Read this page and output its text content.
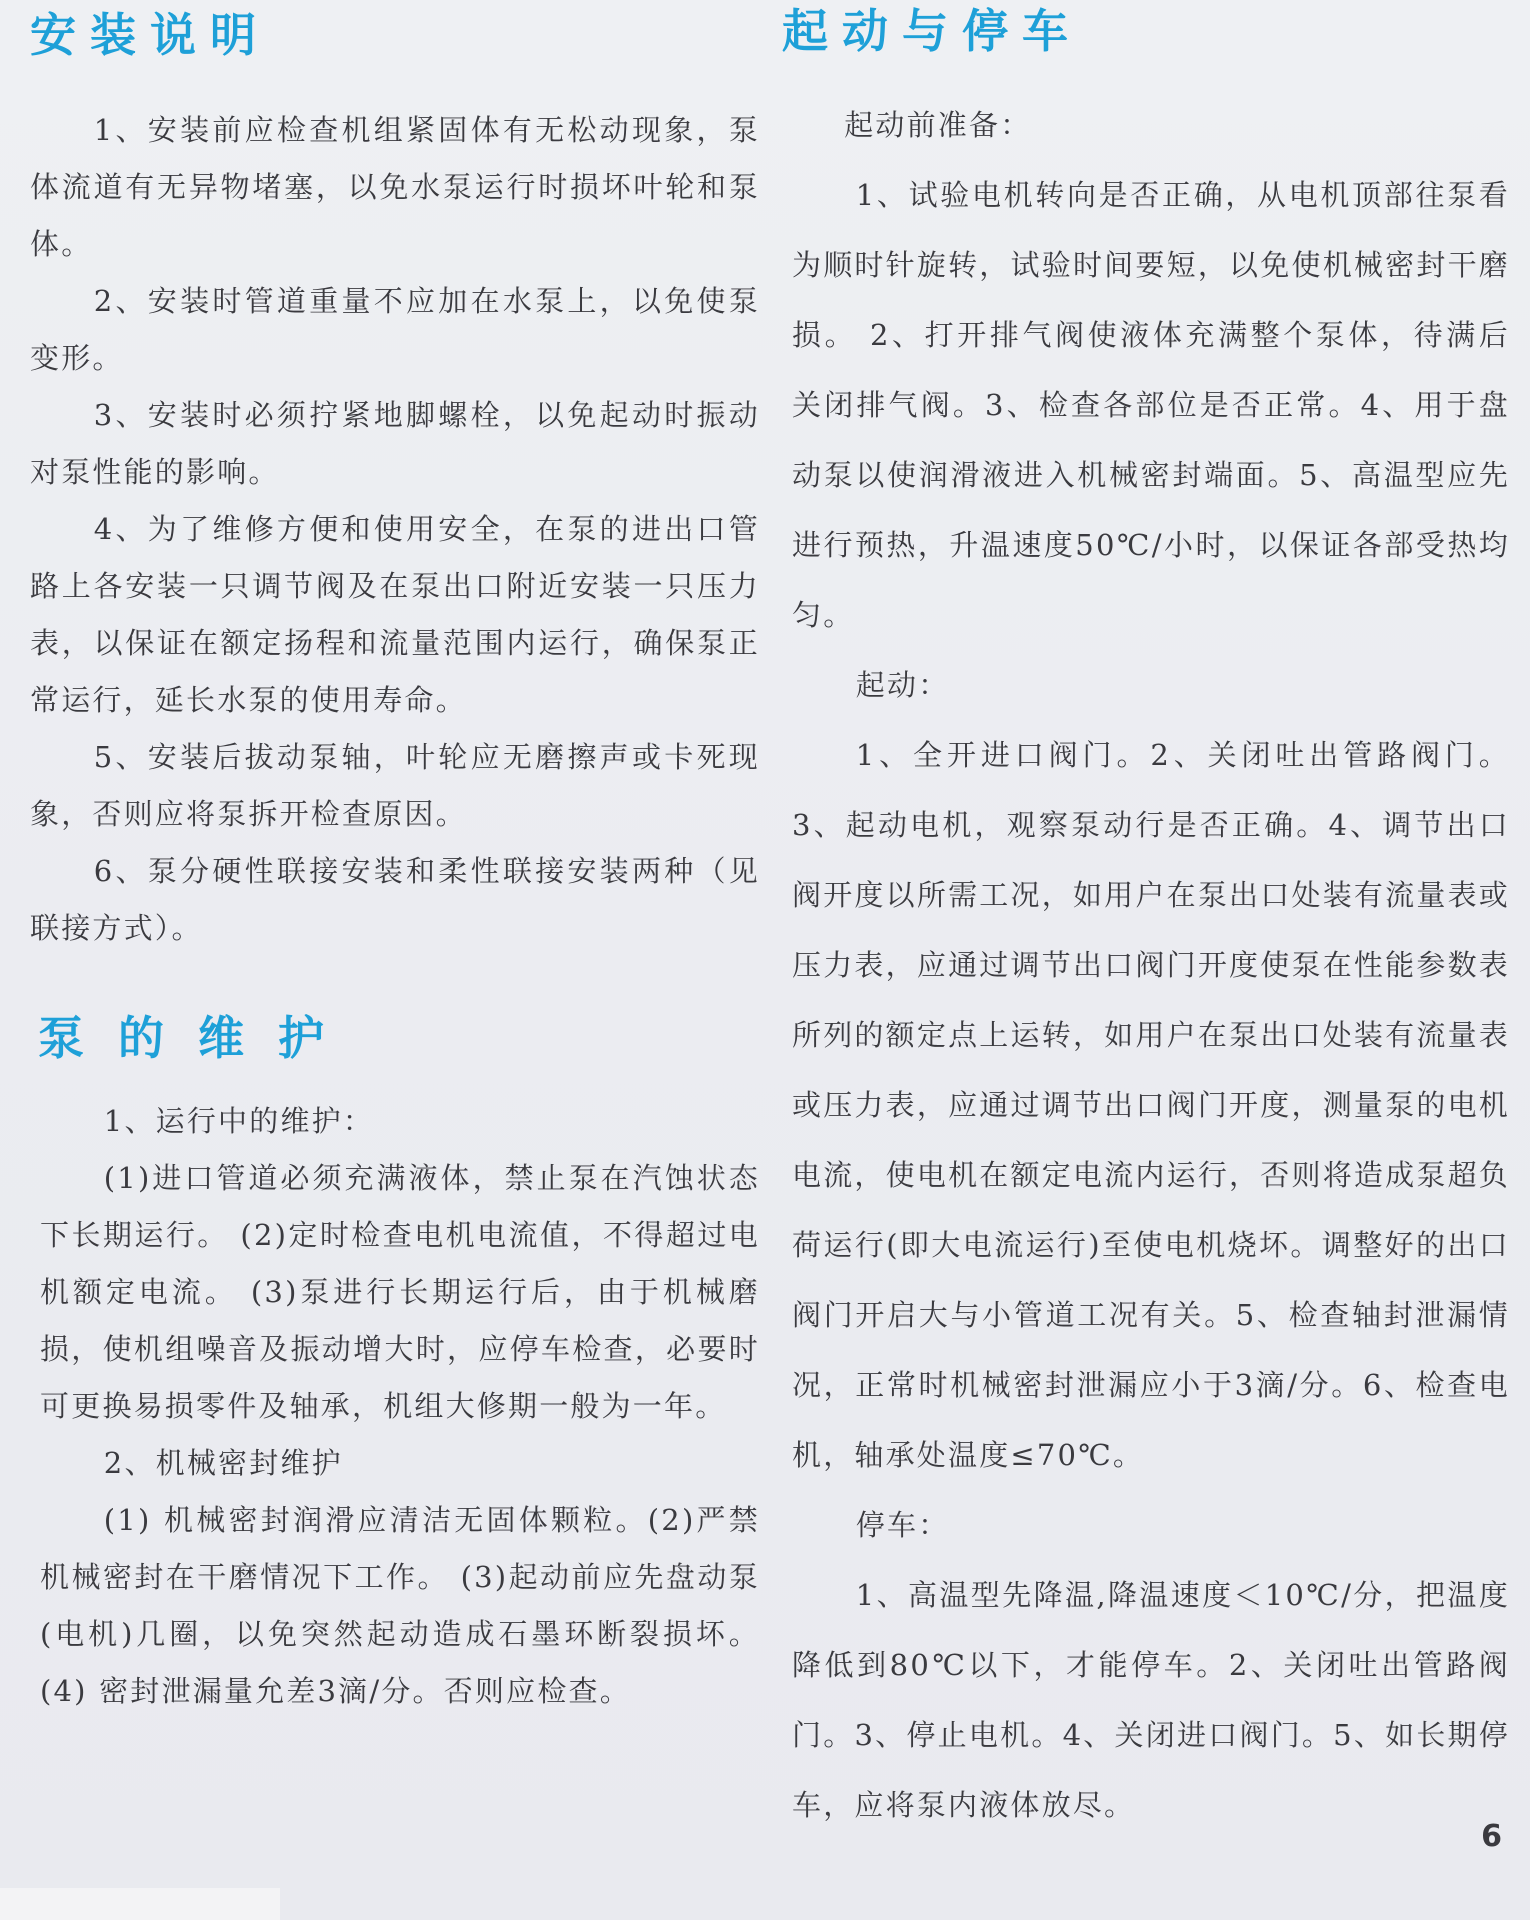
安装说明

1、安装前应检查机组紧固体有无松动现象，泵体流道有无异物堵塞，以免水泵运行时损坏叶轮和泵体。

2、安装时管道重量不应加在水泵上，以免使泵变形。

3、安装时必须拧紧地脚螺栓，以免起动时振动对泵性能的影响。

4、为了维修方便和使用安全，在泵的进出口管路上各安装一只调节阀及在泵出口附近安装一只压力表，以保证在额定扬程和流量范围内运行，确保泵正常运行，延长水泵的使用寿命。

5、安装后拔动泵轴，叶轮应无磨擦声或卡死现象，否则应将泵拆开检查原因。

6、泵分硬性联接安装和柔性联接安装两种（见联接方式）。

泵的维护

1、运行中的维护：

(1)进口管道必须充满液体，禁止泵在汽蚀状态下长期运行。 (2)定时检查电机电流值，不得超过电机额定电流。 (3)泵进行长期运行后，由于机械磨损，使机组噪音及振动增大时，应停车检查，必要时可更换易损零件及轴承，机组大修期一般为一年。

2、机械密封维护

(1) 机械密封润滑应清洁无固体颗粒。(2)严禁机械密封在干磨情况下工作。 (3)起动前应先盘动泵 (电机)几圈，以免突然起动造成石墨环断裂损坏。 (4) 密封泄漏量允差3滴/分。否则应检查。

起动与停车

起动前准备：

1、试验电机转向是否正确，从电机顶部往泵看为顺时针旋转，试验时间要短，以免使机械密封干磨损。 2、打开排气阀使液体充满整个泵体，待满后关闭排气阀。3、检查各部位是否正常。4、用于盘动泵以使润滑液进入机械密封端面。5、高温型应先进行预热，升温速度50℃/小时，以保证各部受热均匀。

起动：

1、全开进口阀门。2、关闭吐出管路阀门。3、起动电机，观察泵动行是否正确。4、调节出口阀开度以所需工况，如用户在泵出口处装有流量表或压力表，应通过调节出口阀门开度使泵在性能参数表所列的额定点上运转，如用户在泵出口处装有流量表或压力表，应通过调节出口阀门开度，测量泵的电机电流，使电机在额定电流内运行，否则将造成泵超负荷运行(即大电流运行)至使电机烧坏。调整好的出口阀门开启大与小管道工况有关。5、检查轴封泄漏情况，正常时机械密封泄漏应小于3滴/分。6、检查电机，轴承处温度≤70℃。

停车：

1、高温型先降温,降温速度＜10℃/分，把温度降低到80℃以下，才能停车。2、关闭吐出管路阀门。3、停止电机。4、关闭进口阀门。5、如长期停车，应将泵内液体放尽。

6
